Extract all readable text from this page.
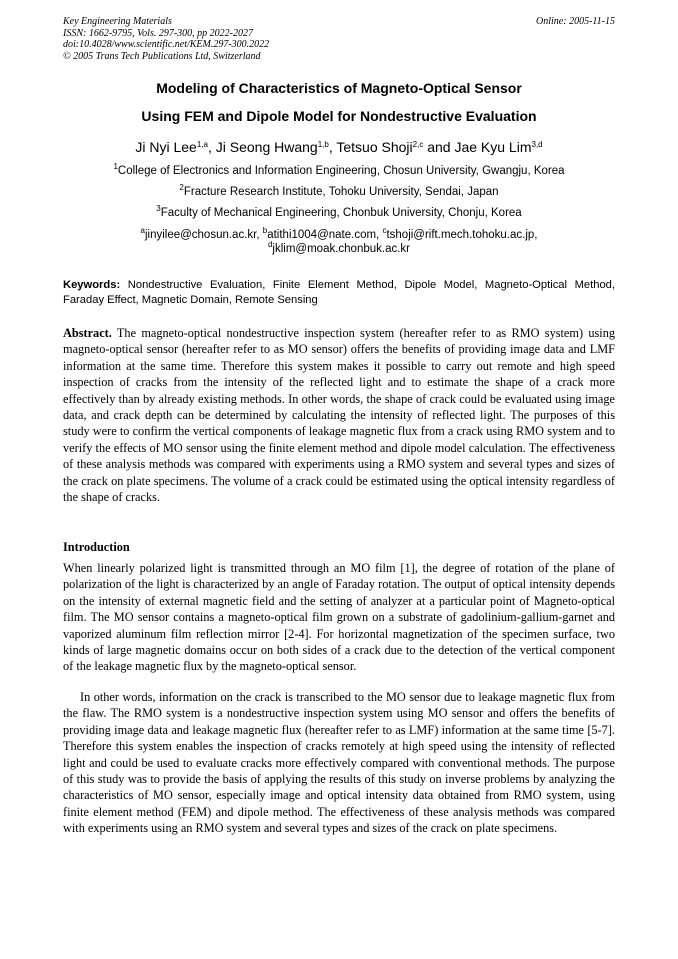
Key Engineering Materials
ISSN: 1662-9795, Vols. 297-300, pp 2022-2027
doi:10.4028/www.scientific.net/KEM.297-300.2022
© 2005 Trans Tech Publications Ltd, Switzerland
Online: 2005-11-15
Modeling of Characteristics of Magneto-Optical Sensor
Using FEM and Dipole Model for Nondestructive Evaluation
Ji Nyi Lee$^{1,a}$, Ji Seong Hwang$^{1,b}$, Tetsuo Shoji$^{2,c}$ and Jae Kyu Lim$^{3,d}$
$^1$College of Electronics and Information Engineering, Chosun University, Gwangju, Korea
$^2$Fracture Research Institute, Tohoku University, Sendai, Japan
$^3$Faculty of Mechanical Engineering, Chonbuk University, Chonju, Korea
$^a$jinyilee@chosun.ac.kr, $^b$atithi1004@nate.com, $^c$tshoji@rift.mech.tohoku.ac.jp,
$^d$jklim@moak.chonbuk.ac.kr
Keywords: Nondestructive Evaluation, Finite Element Method, Dipole Model, Magneto-Optical Method, Faraday Effect, Magnetic Domain, Remote Sensing
Abstract. The magneto-optical nondestructive inspection system (hereafter refer to as RMO system) using magneto-optical sensor (hereafter refer to as MO sensor) offers the benefits of providing image data and LMF information at the same time. Therefore this system makes it possible to carry out remote and high speed inspection of cracks from the intensity of the reflected light and to estimate the shape of a crack more effectively than by already existing methods. In other words, the shape of crack could be evaluated using image data, and crack depth can be determined by calculating the intensity of reflected light. The purposes of this study were to confirm the vertical components of leakage magnetic flux from a crack using RMO system and to verify the effects of MO sensor using the finite element method and dipole model calculation. The effectiveness of these analysis methods was compared with experiments using a RMO system and several types and sizes of the crack on plate specimens. The volume of a crack could be estimated using the optical intensity regardless of the shape of cracks.
Introduction
When linearly polarized light is transmitted through an MO film [1], the degree of rotation of the plane of polarization of the light is characterized by an angle of Faraday rotation. The output of optical intensity depends on the intensity of external magnetic field and the setting of analyzer at a particular point of Magneto-optical film. The MO sensor contains a magneto-optical film grown on a substrate of gadolinium-gallium-garnet and vaporized aluminum film reflection mirror [2-4]. For horizontal magnetization of the specimen surface, two kinds of large magnetic domains occur on both sides of a crack due to the detection of the vertical component of the leakage magnetic flux by the magneto-optical sensor.
In other words, information on the crack is transcribed to the MO sensor due to leakage magnetic flux from the flaw. The RMO system is a nondestructive inspection system using MO sensor and offers the benefits of providing image data and leakage magnetic flux (hereafter refer to as LMF) information at the same time [5-7]. Therefore this system enables the inspection of cracks remotely at high speed using the intensity of reflected light and could be used to evaluate cracks more effectively compared with conventional methods. The purpose of this study was to provide the basis of applying the results of this study on inverse problems by analyzing the characteristics of MO sensor, especially image and optical intensity data obtained from RMO system, using finite element method (FEM) and dipole method. The effectiveness of these analysis methods was compared with experiments using an RMO system and several types and sizes of the crack on plate specimens.
